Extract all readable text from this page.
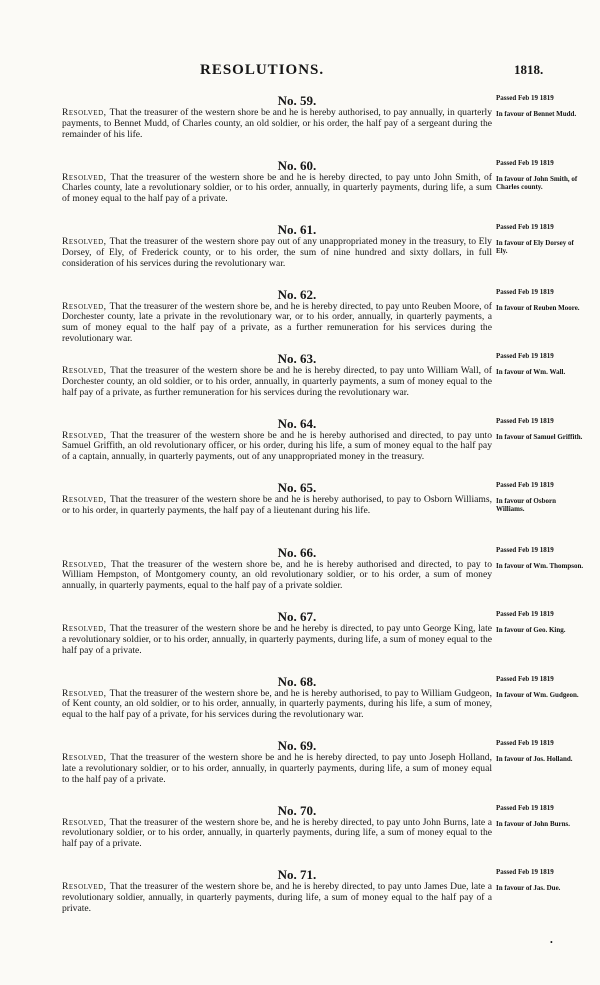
RESOLUTIONS.	1818.
No. 59.
Resolved, That the treasurer of the western shore be and he is hereby authorised, to pay annually, in quarterly payments, to Bennet Mudd, of Charles county, an old soldier, or his order, the half pay of a sergeant during the remainder of his life.
No. 60.
Resolved, That the treasurer of the western shore be and he is hereby directed, to pay unto John Smith, of Charles county, late a revolutionary soldier, or to his order, annually, in quarterly payments, during life, a sum of money equal to the half pay of a private.
No. 61.
Resolved, That the treasurer of the western shore pay out of any unappropriated money in the treasury, to Ely Dorsey, of Ely, of Frederick county, or to his order, the sum of nine hundred and sixty dollars, in full consideration of his services during the revolutionary war.
No. 62.
Resolved, That the treasurer of the western shore be, and he is hereby directed, to pay unto Reuben Moore, of Dorchester county, late a private in the revolutionary war, or to his order, annually, in quarterly payments, a sum of money equal to the half pay of a private, as a further remuneration for his services during the revolutionary war.
No. 63.
Resolved, That the treasurer of the western shore be and he is hereby directed, to pay unto William Wall, of Dorchester county, an old soldier, or to his order, annually, in quarterly payments, a sum of money equal to the half pay of a private, as further remuneration for his services during the revolutionary war.
No. 64.
Resolved, That the treasurer of the western shore be and he is hereby authorised and directed, to pay unto Samuel Griffith, an old revolutionary officer, or his order, during his life, a sum of money equal to the half pay of a captain, annually, in quarterly payments, out of any unappropriated money in the treasury.
No. 65.
Resolved, That the treasurer of the western shore be and he is hereby authorised, to pay to Osborn Williams, or to his order, in quarterly payments, the half pay of a lieutenant during his life.
No. 66.
Resolved, That the treasurer of the western shore be, and he is hereby authorised and directed, to pay to William Hempston, of Montgomery county, an old revolutionary soldier, or to his order, a sum of money annually, in quarterly payments, equal to the half pay of a private soldier.
No. 67.
Resolved, That the treasurer of the western shore be and he hereby is directed, to pay unto George King, late a revolutionary soldier, or to his order, annually, in quarterly payments, during life, a sum of money equal to the half pay of a private.
No. 68.
Resolved, That the treasurer of the western shore be, and he is hereby authorised, to pay to William Gudgeon, of Kent county, an old soldier, or to his order, annually, in quarterly payments, during his life, a sum of money, equal to the half pay of a private, for his services during the revolutionary war.
No. 69.
Resolved, That the treasurer of the western shore be and he is hereby directed, to pay unto Joseph Holland, late a revolutionary soldier, or to his order, annually, in quarterly payments, during life, a sum of money equal to the half pay of a private.
No. 70.
Resolved, That the treasurer of the western shore be, and he is hereby directed, to pay unto John Burns, late a revolutionary soldier, or to his order, annually, in quarterly payments, during life, a sum of money equal to the half pay of a private.
No. 71.
Resolved, That the treasurer of the western shore be, and he is hereby directed, to pay unto James Due, late a revolutionary soldier, annually, in quarterly payments, during life, a sum of money equal to the half pay of a private.
Passed Feb 19 1819
In favour of Bennet Mudd.
Passed Feb 19 1819
In favour of John Smith, of Charles county.
Passed Feb 19 1819
In favour of Ely Dorsey of Ely.
Passed Feb 19 1819
In favour of Reuben Moore.
Passed Feb 19 1819
In favour of Wm. Wall.
Passed Feb 19 1819
In favour of Samuel Griffith.
Passed Feb 19 1819
In favour of Osborn Williams.
Passed Feb 19 1819
In favour of Wm. Thompson.
Passed Feb 19 1819
In favour of Geo. King.
Passed Feb 19 1819
In favour of Wm. Gudgeon.
Passed Feb 19 1819
In favour of Jos. Holland.
Passed Feb 19 1819
In favour of John Burns.
Passed Feb 19 1819
In favour of Jas. Due.
•
